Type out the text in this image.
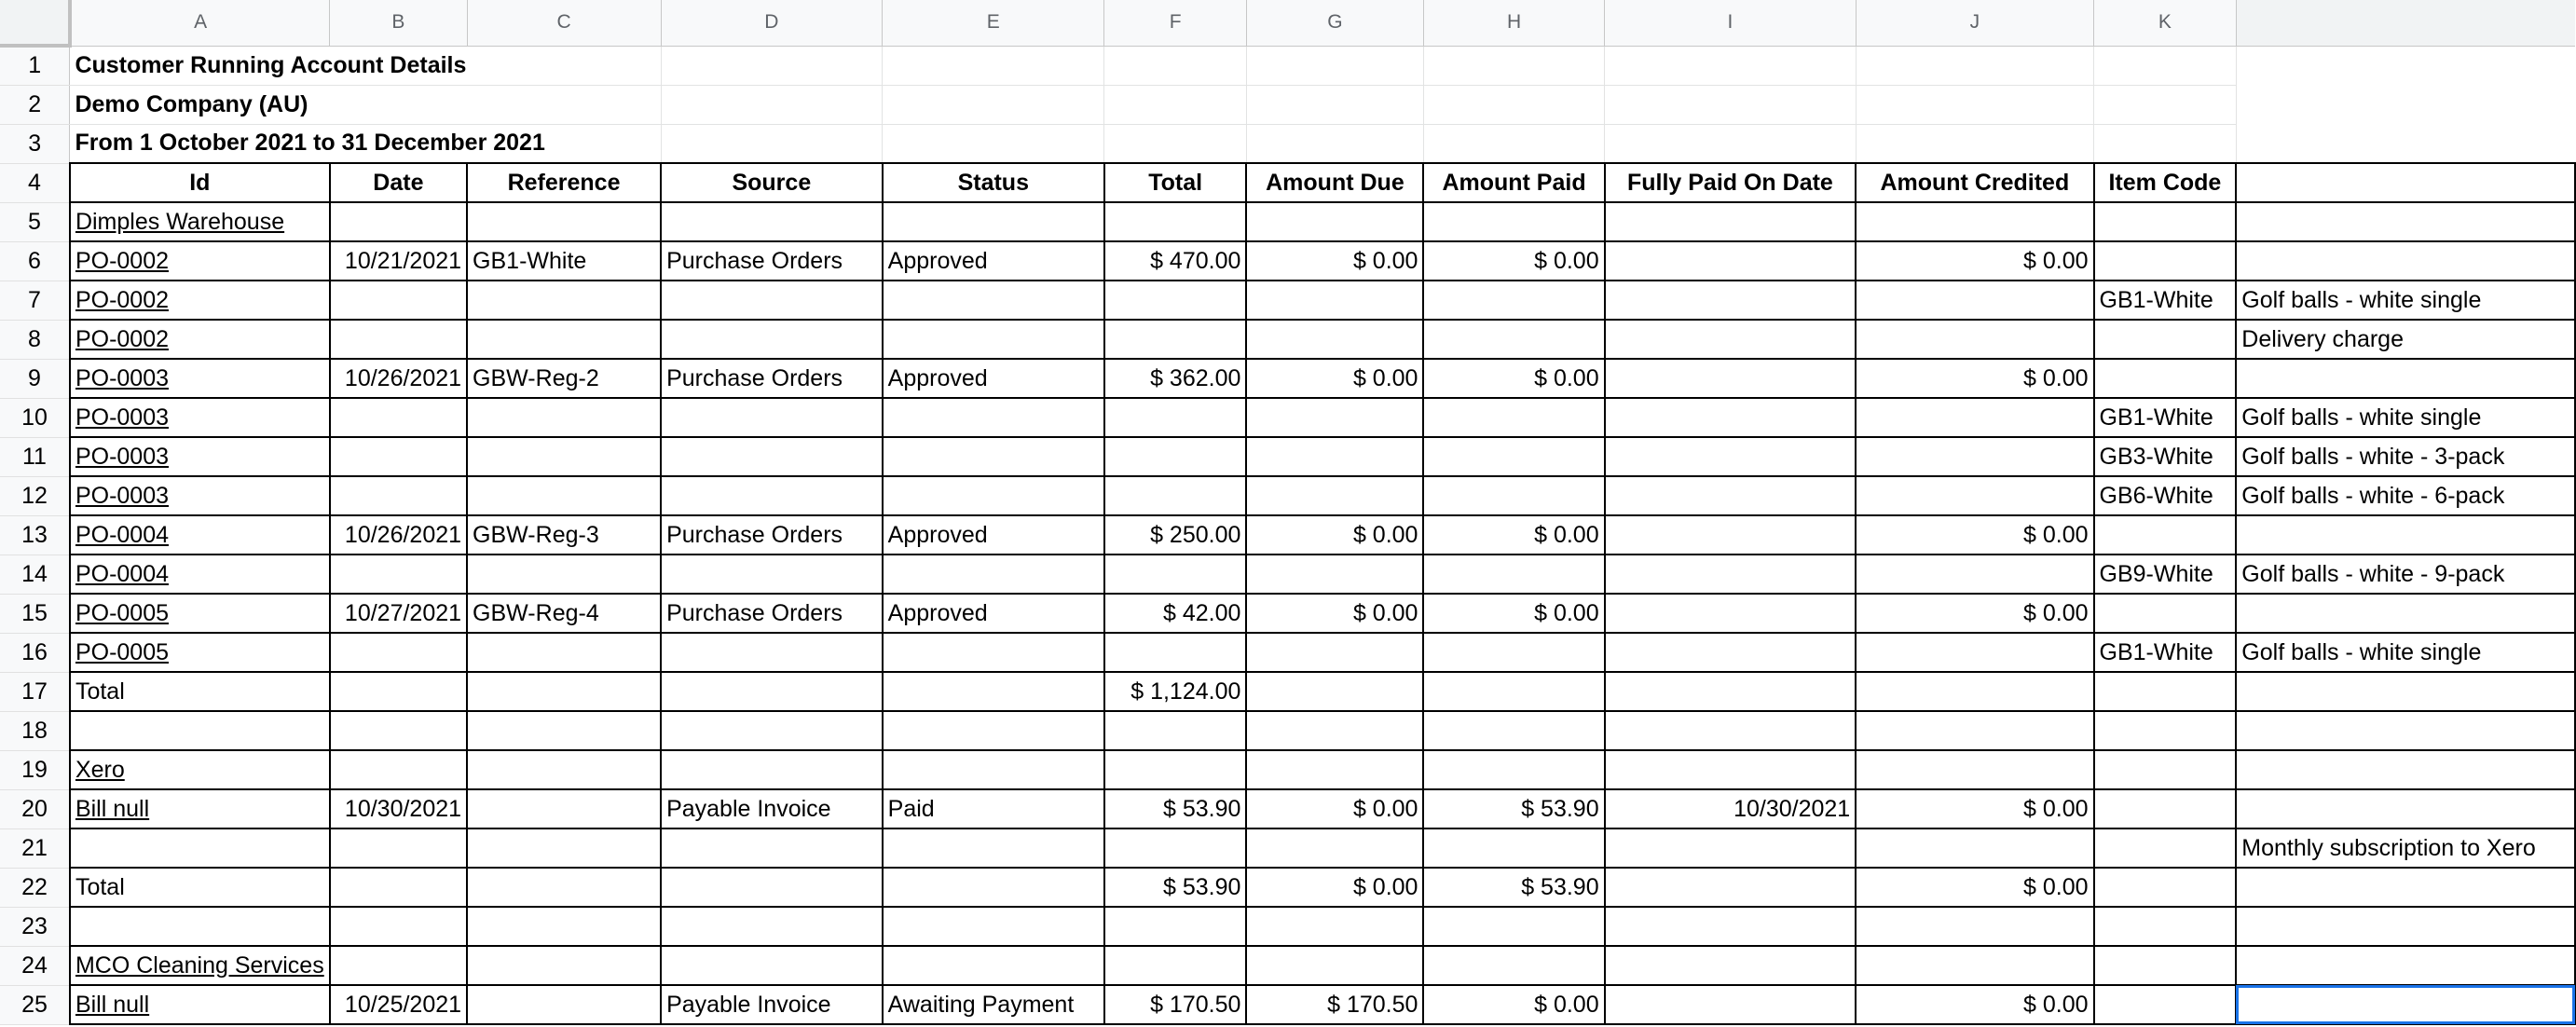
	A	B	C	D	E	F	G	H	I	J	K	
1	Customer Running Account Details											
2	Demo Company (AU)											
3	From 1 October 2021 to 31 December 2021											
4	Id	Date	Reference	Source	Status	Total	Amount Due	Amount Paid	Fully Paid On Date	Amount Credited	Item Code	
5	Dimples Warehouse											
6	PO-0002	10/21/2021	GB1-White	Purchase Orders	Approved	$ 470.00	$ 0.00	$ 0.00		$ 0.00		
7	PO-0002										GB1-White	Golf balls - white single
8	PO-0002											Delivery charge
9	PO-0003	10/26/2021	GBW-Reg-2	Purchase Orders	Approved	$ 362.00	$ 0.00	$ 0.00		$ 0.00		
10	PO-0003										GB1-White	Golf balls - white single
11	PO-0003										GB3-White	Golf balls - white - 3-pack
12	PO-0003										GB6-White	Golf balls - white - 6-pack
13	PO-0004	10/26/2021	GBW-Reg-3	Purchase Orders	Approved	$ 250.00	$ 0.00	$ 0.00		$ 0.00		
14	PO-0004										GB9-White	Golf balls - white - 9-pack
15	PO-0005	10/27/2021	GBW-Reg-4	Purchase Orders	Approved	$ 42.00	$ 0.00	$ 0.00		$ 0.00		
16	PO-0005										GB1-White	Golf balls - white single
17	Total					$ 1,124.00						
18												
19	Xero											
20	Bill null	10/30/2021		Payable Invoice	Paid	$ 53.90	$ 0.00	$ 53.90	10/30/2021	$ 0.00		
21												Monthly subscription to Xero
22	Total					$ 53.90	$ 0.00	$ 53.90		$ 0.00		
23												
24	MCO Cleaning Services											
25	Bill null	10/25/2021		Payable Invoice	Awaiting Payment	$ 170.50	$ 170.50	$ 0.00		$ 0.00		
